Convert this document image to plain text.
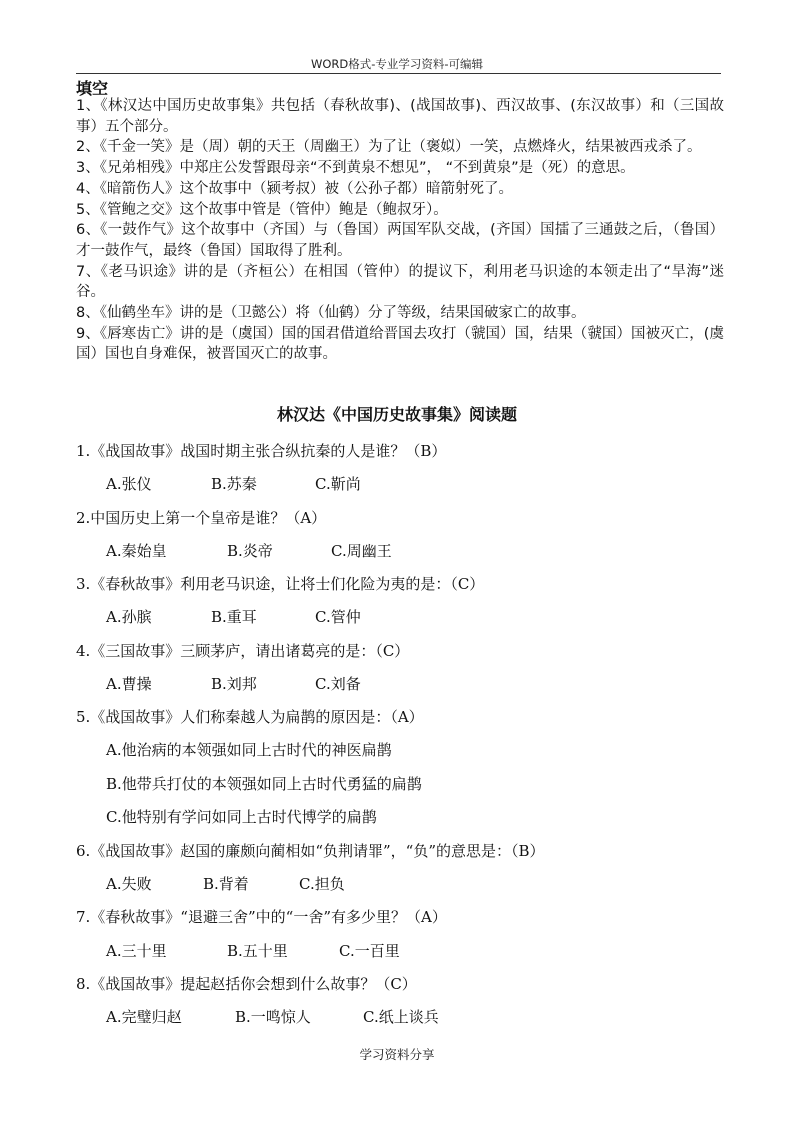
WORD格式-专业学习资料-可编辑
填空

1、《林汉达中国历史故事集》共包括（春秋故事)、(战国故事)、西汉故事、(东汉故事）和（三国故事）五个部分。

2、《千金一笑》是（周）朝的天王（周幽王）为了让（褒姒）一笑，点燃烽火，结果被西戎杀了。

3、《兄弟相残》中郑庄公发誓跟母亲“不到黄泉不想见”， “不到黄泉”是（死）的意思。

4、《暗箭伤人》这个故事中（颍考叔）被（公孙子都）暗箭射死了。

5、《管鲍之交》这个故事中管是（管仲）鲍是（鲍叔牙）。

6、《一鼓作气》这个故事中（齐国）与（鲁国）两国军队交战，(齐国）国擂了三通鼓之后，（鲁国）才一鼓作气，最终（鲁国）国取得了胜利。

7、《老马识途》讲的是（齐桓公）在相国（管仲）的提议下，利用老马识途的本领走出了“旱海”迷谷。

8、《仙鹤坐车》讲的是（卫懿公）将（仙鹤）分了等级，结果国破家亡的故事。

9、《唇寒齿亡》讲的是（虞国）国的国君借道给晋国去攻打（虢国）国，结果（虢国）国被灭亡，(虞国）国也自身难保，被晋国灭亡的故事。

林汉达《中国历史故事集》阅读题
1.《战国故事》战国时期主张合纵抗秦的人是谁？（B）
A.张仪	B.苏秦	C.靳尚
2.中国历史上第一个皇帝是谁？（A）
A.秦始皇	B.炎帝	C.周幽王
3.《春秋故事》利用老马识途，让将士们化险为夷的是：（C）
A.孙膑	B.重耳	C.管仲
4.《三国故事》三顾茅庐，请出诸葛亮的是：（C）
A.曹操	B.刘邦	C.刘备
5.《战国故事》人们称秦越人为扁鹊的原因是：（A）
A.他治病的本领强如同上古时代的神医扁鹊
B.他带兵打仗的本领强如同上古时代勇猛的扁鹊
C.他特别有学问如同上古时代博学的扁鹊
6.《战国故事》赵国的廉颇向蔺相如“负荆请罪”，“负”的意思是：（B）
A.失败	B.背着	C.担负
7.《春秋故事》“退避三舍”中的“一舍”有多少里？（A）
A.三十里	B.五十里	C.一百里
8.《战国故事》提起赵括你会想到什么故事？（C）
A.完璧归赵	B.一鸣惊人	C.纸上谈兵
学习资料分享
